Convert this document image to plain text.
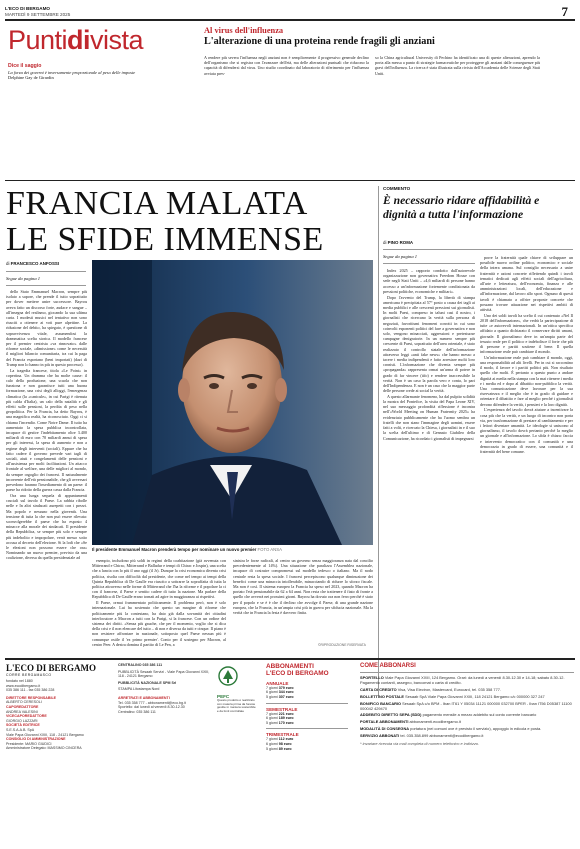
L'ECO DI BERGAMO
MARTEDÌ 9 SETTEMBRE 2025	7
Puntidivista
Dice il saggio
La forza dei governi è inversamente proporzionale al peso delle imposte
Delphine Gay de Girardin
Al virus dell'influenza
L'alterazione di una proteina rende fragili gli anziani
A rendere più severa l'influenza negli anziani non è semplicemente il progressivo generale declino dell'organismo che si registra con l'avanzare dell'età, ma delle alterazioni puntuali che riducono la capacità di difendersi dal virus. Uno studio coordinato dal laboratorio di riferimento per l'influenza avviata pres-
so la China agricultural University di Pechino ha identificato una di queste alterazioni, aprendo la porta alla messa a punto di strategie farmaceutiche per proteggere gli anziani dalle conseguenze più gravi dell'influenza. La ricerca è stata illustrata sulla rivista dell'Accademia delle Scienze degli Stati Uniti.
FRANCIA MALATA
LE SFIDE IMMENSE
COMMENTO
È necessario ridare affidabilità e dignità a tutta l'informazione
di FRANCESCO ANFOSSI
Segue da pagina 1

dello Stato Emmanuel Macron, sempre più isolato a sapore, che prende il tutto soprattutto per dover mettere unire successore. Bayrou aveva fatto un discorso forte, audace e sangue – all'insegna del realismo, giocando la sua ultima carta. I modesti musici nel tentativo non sono riusciti a ottenere ai voti pure alpettine. La riduzione del debito, ha spiegato, è questione di sopravvivenza vitale, assumendosi la drammatica scelta storica. Il modello francese per il premier centrista «va rinnovato» dalle riforme sociale, «dimissione» come le necessità il migliori bilancio comunitaria, tra cui la paga del Francia esportano (beni importati) (dazi di Trump non lo hanno in più in questo processo).

La tragedia francese, titola «Le Point» in copertina. Un dramma che ha molte cause: il calo della produzione, una scuola che non funziona e non garantisce tutti una buona formazione, una crisi degli alloggi, l'emergenza climatica (la «canicule», in cui Parigi è ritenuta più calda d'Italia), un calo della natalità e gli effetti sulle pensioni, la perdita di peso nella geopolitica. Per la Francia, ha detto Bayrou, è una magnifica realtà, ha riconosciuto. Oggi ci si chiama l'incendio. Come Notre Dame. Il tutto ha aumentato la spesa pubblica incontrollata, incapace di gestire l'indebitamento oltre 3.400 miliardi di euro con 70 miliardi annui di spesa per gli interessi, la spesa di aumento e non a regime degli interventi (sociali). Eppure che ha fatto cadere il governo prevede vari tagli di sociali, aiuti e congelamenti delle pensioni e all'assistenza per molti facilitazioni. Un attacco frontale al welfare, una delle migliori al mondo, da sempre orgoglio dei francesi. Il naturalmente incoerente dell'età pensionabile, che gli avversari prevedono faranno l'insediamento di un paese: il paese ha ridotto della guerra cassa dalla Francia.

Ora una lunga sequela di appuntamenti cruciali sul tavolo il Paese. La rabbia ribolle nelle e In altri sindacati aurepetti con i prezzi. Ma popolo e nessuno nella gioventù. Una tensione di tutta la che non può essere rilevata: sconvolgerebbe il paese che ha esposto 4 minacce alla morale dei sindacati. Il presidente della Repubblica, se sempre più solo e sempre più indebolito e impopolare, verrà messo sotto accusa al decreto dell'elezione. Si la lodi che «Se le elezioni non possono essere che ora» Nominando un nuovo premier, previsto da una coalizione, diversa da quella presidenziale ad

Il presidente Emmanuel Macron prenderà tempo per nominare un nuovo premier FOTO ANSA

esempio, includono più soldi in regimi della coabitazione (già avvenuta con Mitterrand e Chirac, Mitterrand e Balladur e tempi di Chirac e Jospin), una scelta che a lancia con lo più il uno oggi (il Jr). Dunque la crisi economica diventa crisi politica, risolta con difficoltà dal presidente, che come nel tempo ai tempi della Quinta Repubblica di De Gaulle era riuscito a sottrarre la sopraffatta di tutta la politica attraverso nelle forme di Mitterrand che l'ha la riforme e il popolare la ci con il francese, il Paese e sentito cadere di tutto la nazione. Ma parlare della Repubblica di De Gaulle erano tornati ad agire in maggioranza ai rispettivi.

Il Paese, ormai frammentato politicamente. Il problema però, non è solo internazionale. Lui ha sostenuto che questo un margine di riforme che politicamente più la contestano, ha dato già dalla sovranità dei cittadini interlocutore a Macron a tutti con la Parigi, si la francese. Con un ordine del sistema dei diritti. «Senza più gauche, che per il momento, voglio che si dica della crisi e il non elencare del tutto – di non e diversa da tutti e cinque. Il piano è non resistere affrontare in nazionale, sottoposto quel Paese nessun più è comunque ostile il 'ex primo premier'. Conto per il sostegno per Macron, al centro Peer. A destra domina il partito di Le Pen, a

sinistra le forze radicali, al centro un governo senza maggioranza nata dal concilio precedentemente al 14%). Una situazione che paralizza l'Assemblea nazionale, incapace di costruire compromessi sul modello tedesco o italiano. Ma il nodo centrale resta la spesa sociale. I francesi percepiscono qualunque diminuzione dei benefici come una minaccia intollerabile, minacciando di ridurre lo sforzo fiscale. Ma non è così. Il sistema europeo la Francia ha speso nel 2023, quando Macron ha portato l'età pensionabile da 62 a 64 anni. Non resta che trattenere il fiato di fronte a quello che avverrà nei prossimi giorni. Bayrou ha dovuto ora non ferro perché è stato per il popolo e se è è che il declino che avvolge il Paese, di una grande nazione europea, che la Francia, in un'ampia crisi più in guerra per sfiducia nazionale. Ma la verità che in Francia la festa è davvero finita.
©RIPRODUZIONE RISERVATA
di PINO ROMA
Segue da pagina 1

Index 2025 – rapporto condotto dall'autorevole organizzazione non governativa Freedom House con sede negli Stati Uniti – «4,6 miliardi di persone hanno accesso a un'informazione fortemente condizionata da pressioni politiche, economiche e militari».

Dopo l'avvento del Trump, la libertà di stampa americana è precipitata al 57° posto a causa dei tagli ai media pubblici e alle crescenti pressioni sui giornalisti. In molti Paesi, compreso in taluni casi il nostro, i giornalisti che ricercano la verità sulla persona di negoziati, favoritismi fenomeni corrotti in cui sono coinvolti esponenti politici del fare a governativa e non solo, vengono minacciati, aggressioni e pretestuose campagne denigratorie. In un numero sempre più crescente di Paesi, soprattutto dell'area orientale, è stato realizzato il controllo statale dell'informazione attraverso leggi «anti fake news» che hanno messo a tacere i media indipendenti e fatto arrestare molti loro cronisti. L'informazione che diventa sempre più «propaganda» rappresenta ormai un'arma di potere in grado di far vincere (tifo) e rendere inaccessibile la verità. Non è un caso la parola vero e conta, lo pari dell'Indipendenza. E non è un caso che la maggior parte delle persone crede ai social la verità.

A questo allarmante fenomeno, ha dal pulpito solidità la mostra del Pontefice, la visita del Papa Leone XIV, nel suo messaggio profondità riflessione è incontra nell'«World Meeting on Human Fraternity 2025» ha evidenziato pubblicamente che ha l'uomo sembra un fratelli che non siano l'immagine degli uomini, essere fatti a volti, e ricercato la Chiesa, i giornalisti in e il suo la scelta dell'ultimo e di Gennaio Giubileo della Comunicazione, ha ricordato i giornalisti di impegnarsi

porre la fraternità quale chiave di sviluppare un possibile nuovo ordine politico, economico e sociale della intera umana. Sul consiglio necessario a unire fraternità e azioni concrete riflettendo quindi i tavoli tematici dedicati agli effetti sociali dell'agricoltura, all'arte e letteratura, dell'economia, finanza e alle amministrazioni locali, dell'educazione e all'informazione, dal lavoro allo sport. Ognuno di questi tavoli è chiamato a offrire proposte concrete che possano trovare attuazione nei rispettivi ambiti di attività.

Uno dei soldi tavoli ha scelto il cui contenuto «Nel Il 2018 dell'informazione», che vedrà la partecipazione di tutte «e autorevoli internazionali. In un'ottica specifica affidato a quanto dichiarato il conservare diritti umani, giornale. Il giornalismo deve in un'ampia parte del tessuto reale per il politico e indebolisce il forte che più di persone e partiti sostiene il bene. Il quella informazione reale può cambiare il mondo.

Un'informazione reale può cambiare il mondo, oggi, una responsabilità ad alti livelli. Per in cui si raccontino il modo, il favore e i partiti politici più. Non risultato quello che molti. È pertanto a questo punto a andare dignità ai media nella stampa con la mai ritenere i media e i media ed e dopo al dibattito non-pubblico la verità. Una comunicazione deve lavorare per la sua riservatezza e il meglio che è in grado di guidare e orientare il dibattito e fare al meglio perché i giornalisti devono difendere la verità, i pensieri e la loro dignità.

L'esperienza del tavolo dovrà aiutare a incentivare la cosa più che la verità, e un luogo di incontro non porta via, per trasformazione di prestare al cambiamento e per i lettori diventare umanità. Le ideologie si uniscono al giornalismo, il tavolo dovrà pertanto perché la meglio un giornale e all'informazione. Lo sfida è chiara: faccia e intervento democratico con il comunità e una democrazia in grado di essere, una comunità e il fraternità del bene comune.

L'ECO DI BERGAMO
CORRE BERGAMASCO
fondato nel 1880
www.ecodibergamo.it
035 386 111 - fax 035 386 228
DIRETTORE RESPONSABILE
ALBERTO CERESOLI
CAPOREDATTORE
ANDREA VALESINI
VICECAPOREDATTORE
GIORGIO LAZZARI
SOCIETÀ EDITRICE
S.E.S.A.A.B. SpA
Viale Papa Giovanni XXIII, 118 - 24121 Bergamo
CONSIGLIO DI AMMINISTRAZIONE
Presidente: MARIO GIUDICI
Amministratore Delegato: MASSIMO CINCERA
CENTRALINO 035 386 111
PUBBLICITÀ Sesaab Servizi - Viale Papa Giovanni XXIII, 118 - 24121 Bergamo
PUBBLICITÀ NAZIONALE SPM Srl
STAMPA Litostampa Nord
ARRETRATI E ABBONAMENTI
Tel. 035 358 777 - abbonamenti@eco.bg.it
Sportello: dal lunedì al venerdì 8.30-12.30
Centralino: 035 386 111
PEFC
Questo prodotto è realizzato con materia prima da foreste gestite in maniera sostenibile e da fonti controllate
ABBONAMENTI
L'ECO DI BERGAMO
ANNUALE
7 giorni 379 euro
6 giorni 344 euro
5 giorni 307 euro
SEMESTRALE
7 giorni 221 euro
6 giorni 189 euro
5 giorni 170 euro
TRIMESTRALE
7 giorni 112 euro
6 giorni 98 euro
5 giorni 89 euro
COME ABBONARSI
SPORTELLO Viale Papa Giovanni XXIII, 124 Bergamo. Orari: da lunedì a venerdì 8.30-12.30 e 14-18; sabato 8.30-12. Pagamento contanti, assegno, bancomat o carta di credito.
CARTA DI CREDITO Visa, Visa Electron, Mastercard, Eurocard, tel. 035 358 777.
BOLLETTINO POSTALE Sesaab SpA Viale Papa Giovanni XXIII, 118 24121 Bergamo c/c 000000 327 247
BONIFICO BANCARIO Sesaab SpA c/o BPM - Iban IT61 Y 05034 11121 000000 032700 BPER - Iban IT56 D05387 11100 000042 429470
ADDEBITO DIRETTO SEPA (SDD) pagamento mensile a mezzo addebito sul conto corrente bancario
PORTALE ABBONAMENTI abbonamenti.ecodibergamo.it
MODALITÀ DI CONSEGNA portatura (nei comuni ove è previsto il servizio), appoggio in edicola e posta.
SERVIZIO ABBONATI tel. 035.358.899 abbonamenti@ecodibergamo.it
* invariare ricevuta via mail completa di numero telefonico e indirizzo.
